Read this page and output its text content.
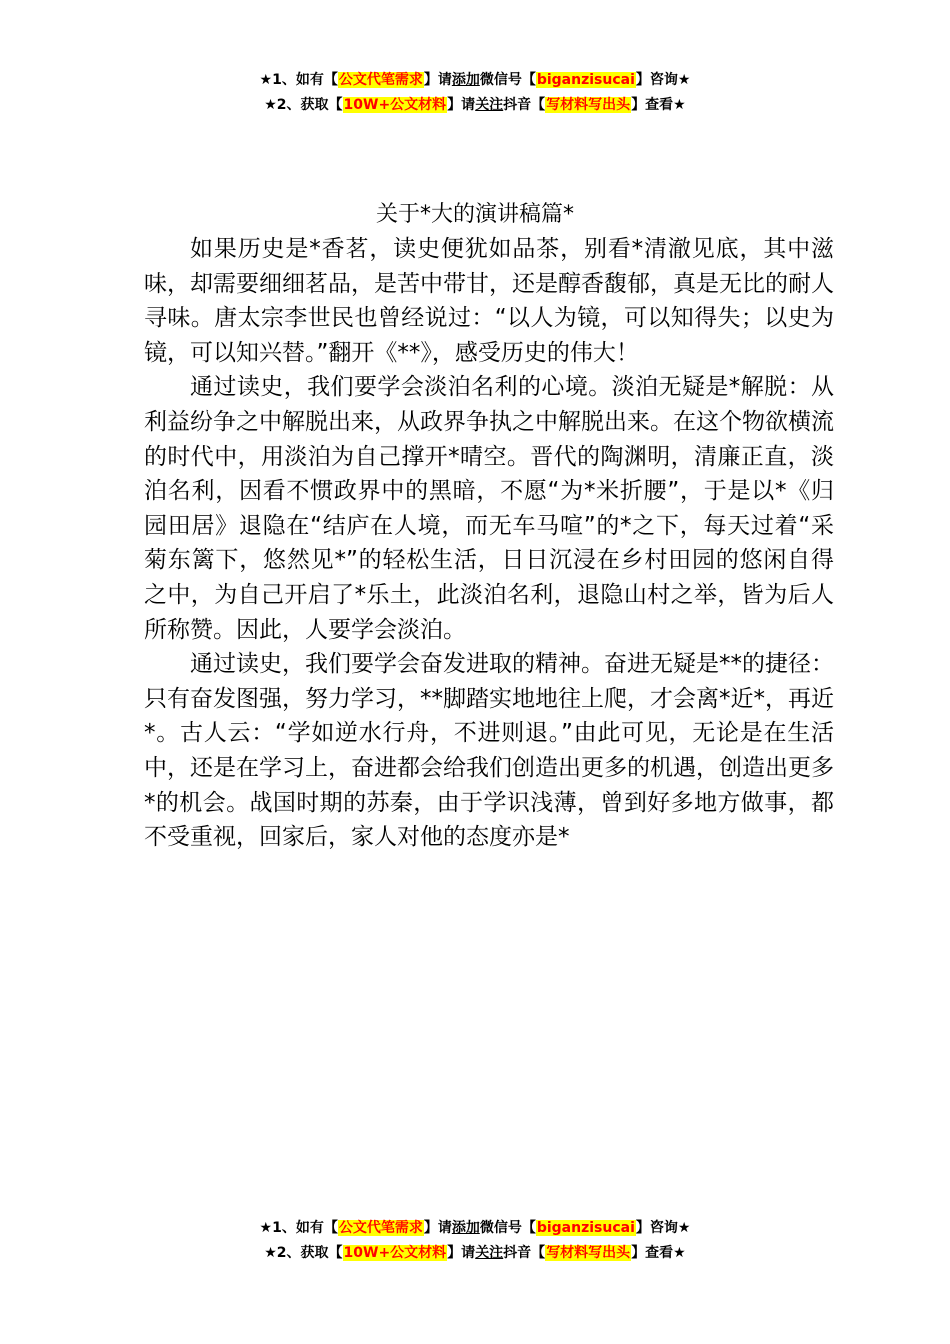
★1、如有【公文代笔需求】请添加微信号【biganzisucai】咨询★
★2、获取【10W+公文材料】请关注抖音【写材料写出头】查看★
关于*大的演讲稿篇*

如果历史是*香茗，读史便犹如品茶，别看*清澈见底，其中滋味，却需要细细茗品，是苦中带甘，还是醇香馥郁，真是无比的耐人寻味。唐太宗李世民也曾经说过：“以人为镜，可以知得失；以史为镜，可以知兴替。”翻开《**》，感受历史的伟大！

通过读史，我们要学会淡泊名利的心境。淡泊无疑是*解脱：从利益纷争之中解脱出来，从政界争执之中解脱出来。在这个物欲横流的时代中，用淡泊为自己撑开*晴空。晋代的陶渊明，清廉正直，淡泊名利，因看不惯政界中的黑暗，不愿“为*米折腰”，于是以*《归园田居》退隐在“结庐在人境，而无车马喧”的*之下，每天过着“采菊东篱下，悠然见*”的轻松生活，日日沉浸在乡村田园的悠闲自得之中，为自己开启了*乐土，此淡泊名利，退隐山村之举，皆为后人所称赞。因此，人要学会淡泊。

通过读史，我们要学会奋发进取的精神。奋进无疑是**的捷径：只有奋发图强，努力学习，**脚踏实地地往上爬，才会离*近*，再近*。古人云：“学如逆水行舟，不进则退。”由此可见，无论是在生活中，还是在学习上，奋进都会给我们创造出更多的机遇，创造出更多*的机会。战国时期的苏秦，由于学识浅薄，曾到好多地方做事，都不受重视，回家后，家人对他的态度亦是*

★1、如有【公文代笔需求】请添加微信号【biganzisucai】咨询★
★2、获取【10W+公文材料】请关注抖音【写材料写出头】查看★
